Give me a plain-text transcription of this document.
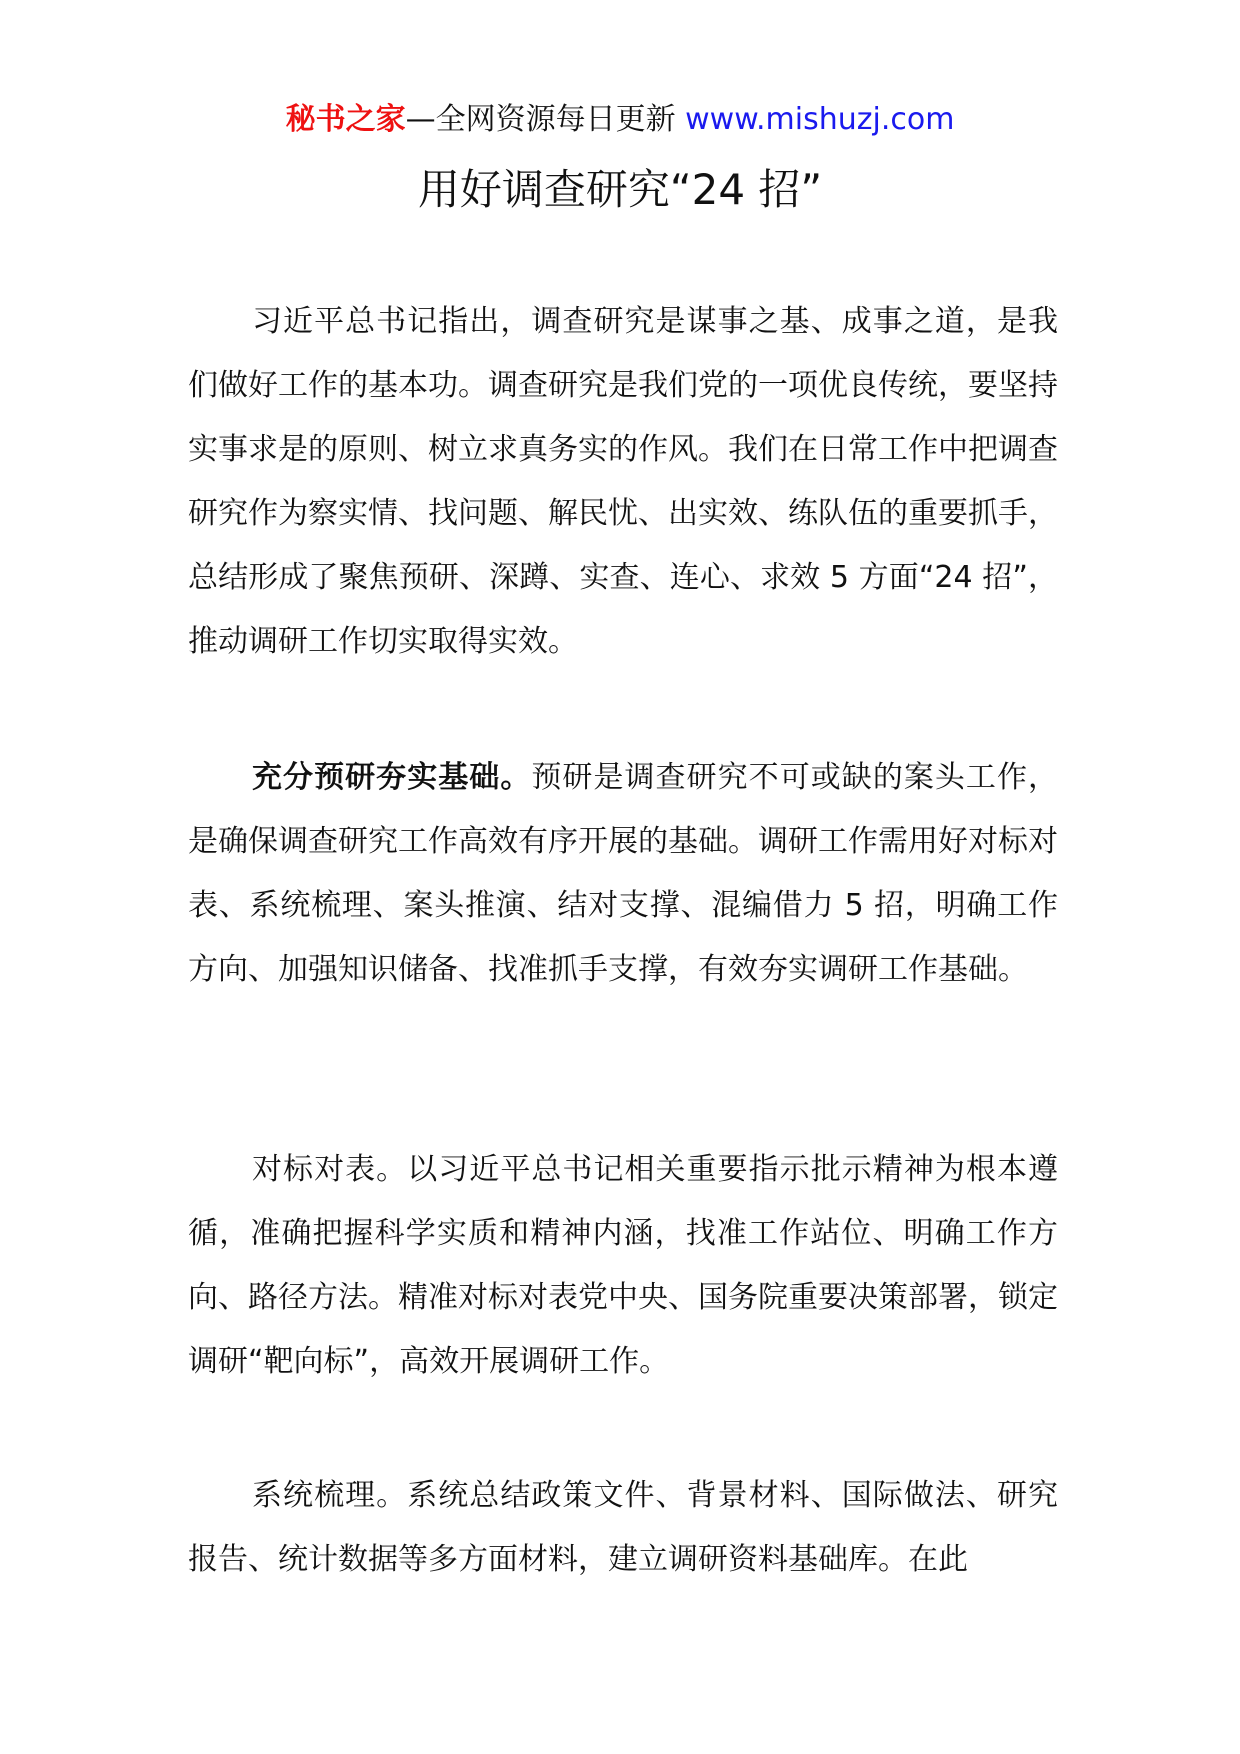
秘书之家—全网资源每日更新 www.mishuzj.com
用好调查研究“24 招”

习近平总书记指出，调查研究是谋事之基、成事之道，是我们做好工作的基本功。调查研究是我们党的一项优良传统，要坚持实事求是的原则、树立求真务实的作风。我们在日常工作中把调查研究作为察实情、找问题、解民忧、出实效、练队伍的重要抓手，总结形成了聚焦预研、深蹲、实查、连心、求效 5 方面“24 招”，推动调研工作切实取得实效。

充分预研夯实基础。预研是调查研究不可或缺的案头工作，是确保调查研究工作高效有序开展的基础。调研工作需用好对标对表、系统梳理、案头推演、结对支撑、混编借力 5 招，明确工作方向、加强知识储备、找准抓手支撑，有效夯实调研工作基础。

对标对表。以习近平总书记相关重要指示批示精神为根本遵循，准确把握科学实质和精神内涵，找准工作站位、明确工作方向、路径方法。精准对标对表党中央、国务院重要决策部署，锁定调研“靶向标”，高效开展调研工作。

系统梳理。系统总结政策文件、背景材料、国际做法、研究报告、统计数据等多方面材料，建立调研资料基础库。在此
